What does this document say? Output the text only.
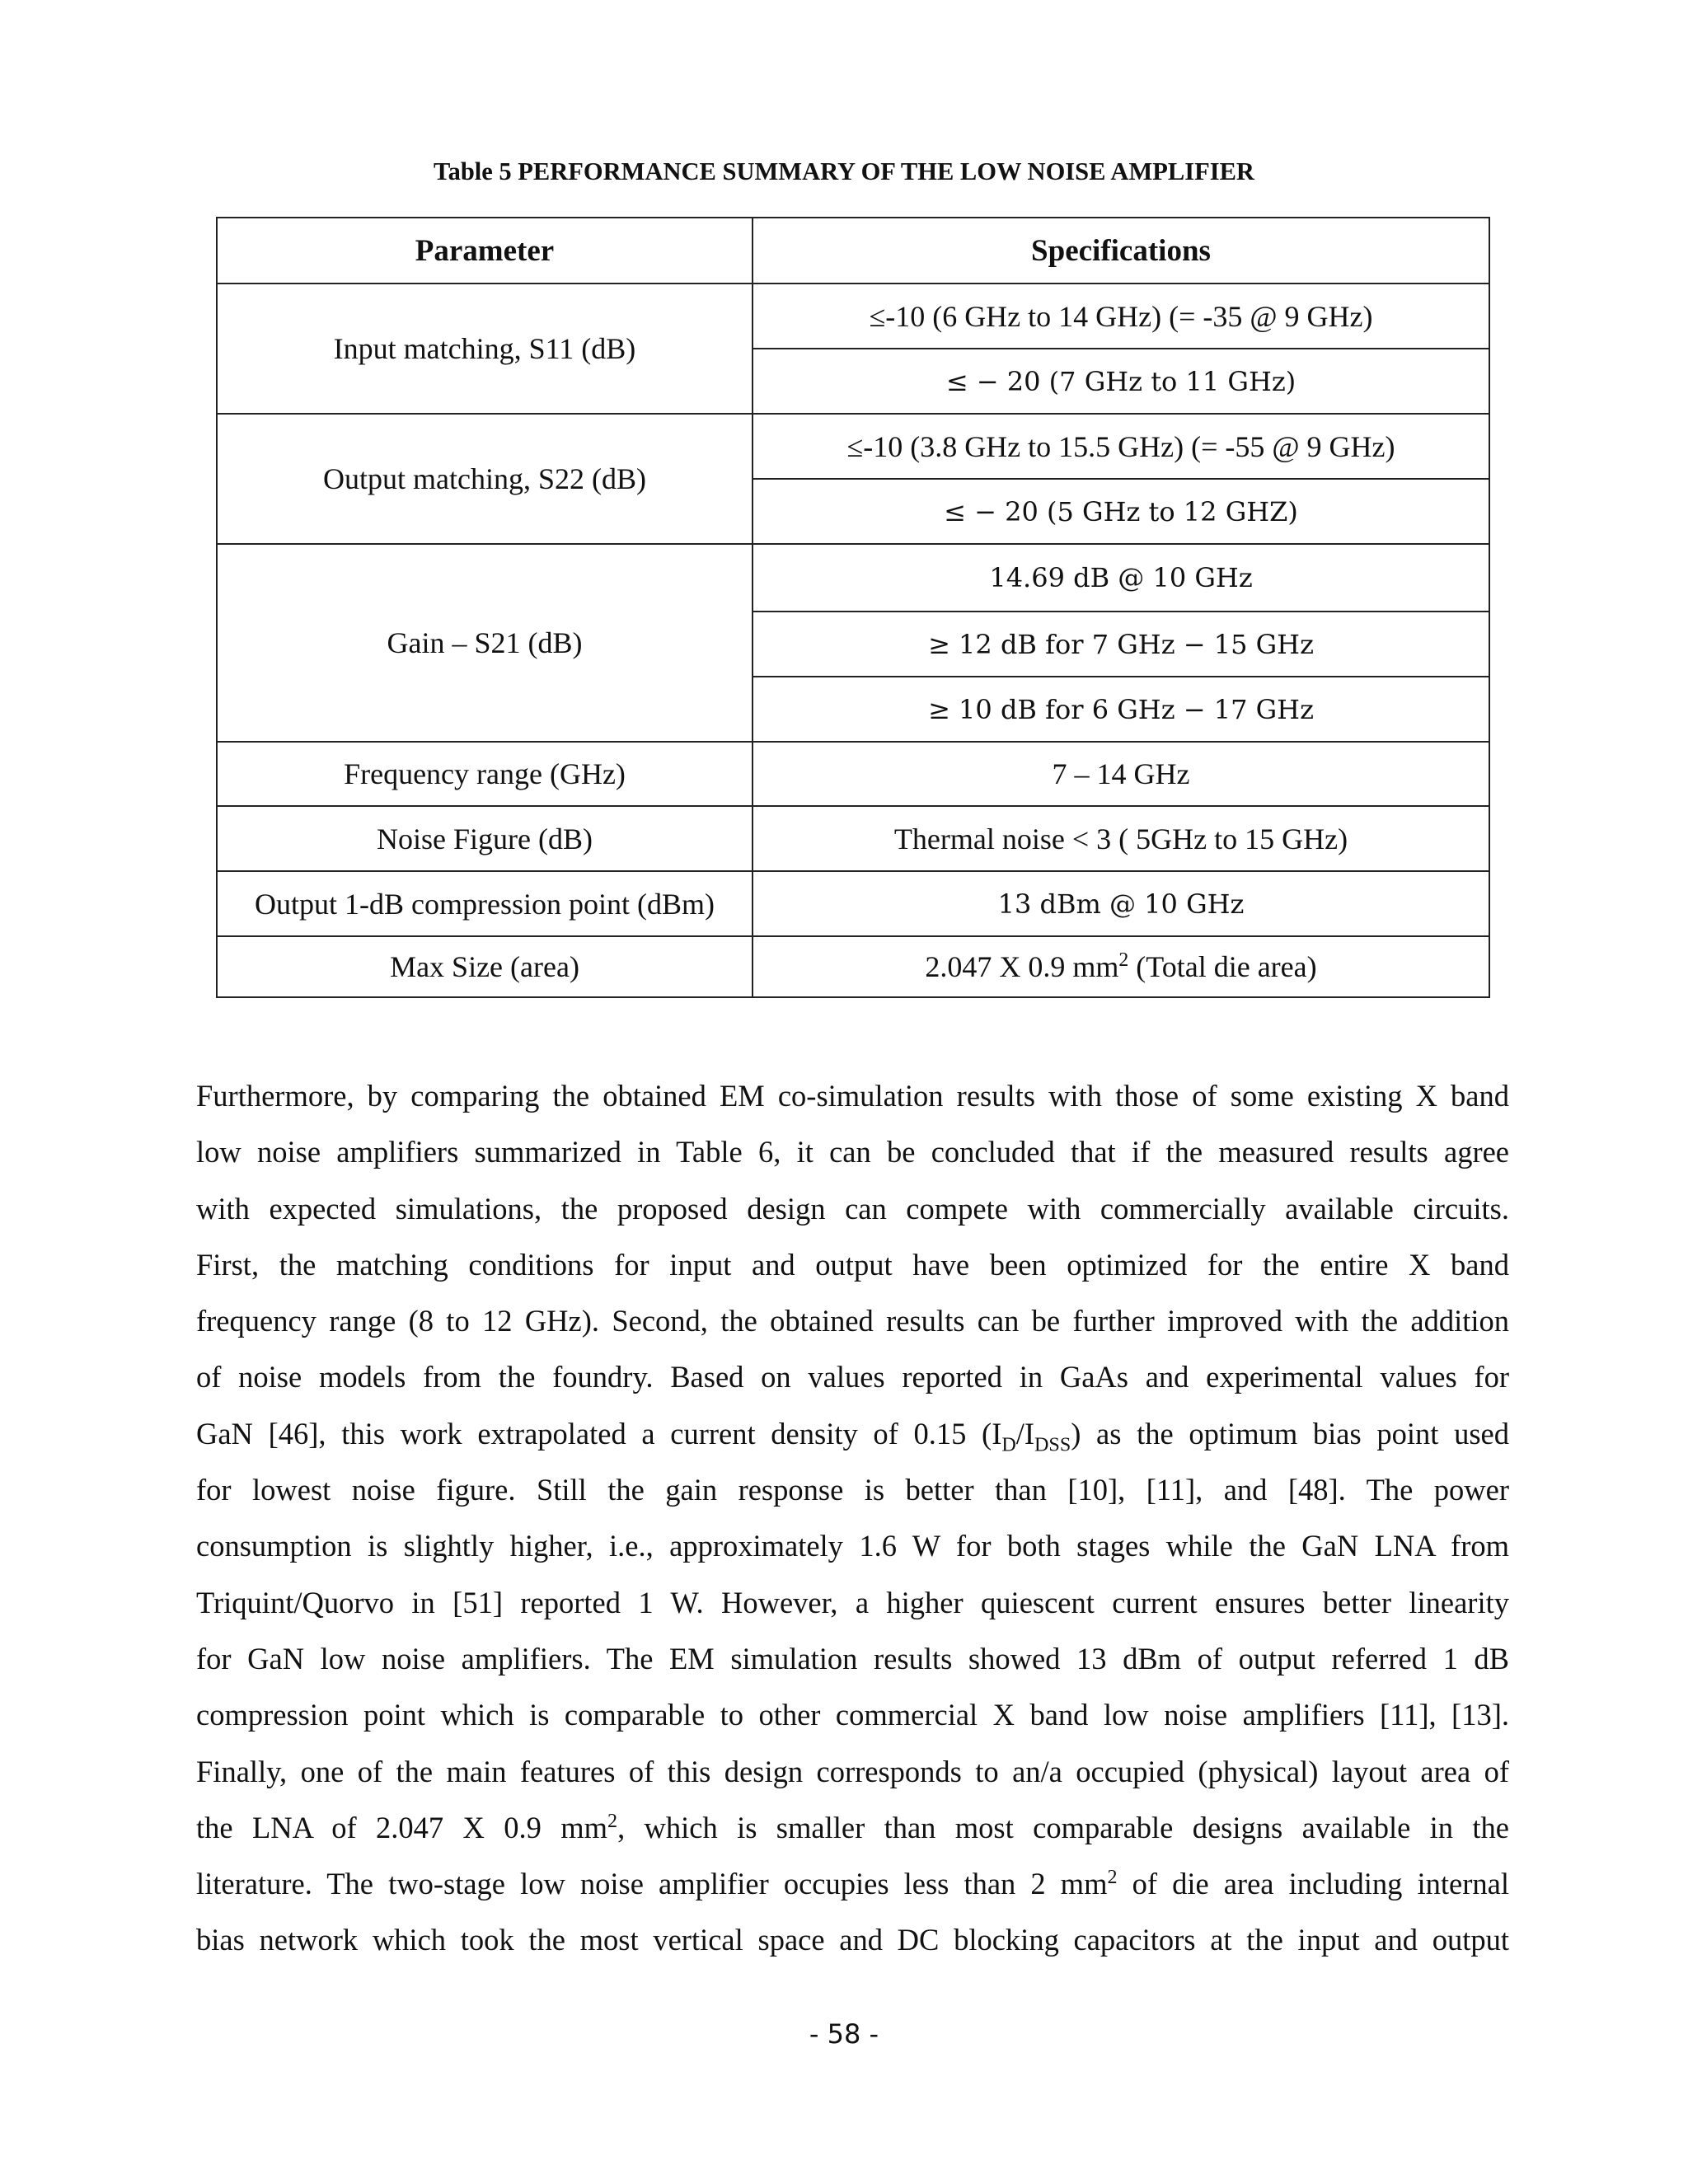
Table 5 PERFORMANCE SUMMARY OF THE LOW NOISE AMPLIFIER
Parameter	Specifications
Input matching, S11 (dB)	≤-10 (6 GHz to 14 GHz) (= -35 @ 9 GHz)
	≤ − 20 (7 GHz to 11 GHz)
Output matching, S22 (dB)	≤-10 (3.8 GHz to 15.5 GHz) (= -55 @ 9 GHz)
	≤ − 20 (5 GHz to 12 GHZ)
Gain – S21 (dB)	14.69 dB @ 10 GHz
	≥ 12 dB for 7 GHz − 15 GHz
	≥ 10 dB for 6 GHz − 17 GHz
Frequency range (GHz)	7 – 14 GHz
Noise Figure (dB)	Thermal noise < 3 ( 5GHz to 15 GHz)
Output 1-dB compression point (dBm)	13 dBm @ 10 GHz
Max Size (area)	2.047 X 0.9 $mm^2$ (Total die area)
Furthermore, by comparing the obtained EM co-simulation results with those of some existing X band
low noise amplifiers summarized in Table 6, it can be concluded that if the measured results agree
with expected simulations, the proposed design can compete with commercially available circuits.
First, the matching conditions for input and output have been optimized for the entire X band
frequency range (8 to 12 GHz). Second, the obtained results can be further improved with the addition
of noise models from the foundry. Based on values reported in GaAs and experimental values for
GaN [46], this work extrapolated a current density of 0.15 $(I_D/I_{DSS})$ as the optimum bias point used
for lowest noise figure. Still the gain response is better than [10], [11], and [48]. The power
consumption is slightly higher, i.e., approximately 1.6 W for both stages while the GaN LNA from
Triquint/Quorvo in [51] reported 1 W. However, a higher quiescent current ensures better linearity
for GaN low noise amplifiers. The EM simulation results showed 13 dBm of output referred 1 dB
compression point which is comparable to other commercial X band low noise amplifiers [11], [13].
Finally, one of the main features of this design corresponds to an/a occupied (physical) layout area of
the LNA of 2.047 X 0.9 $mm^2$, which is smaller than most comparable designs available in the
literature. The two-stage low noise amplifier occupies less than 2 $mm^2$ of die area including internal
bias network which took the most vertical space and DC blocking capacitors at the input and output
- 58 -
